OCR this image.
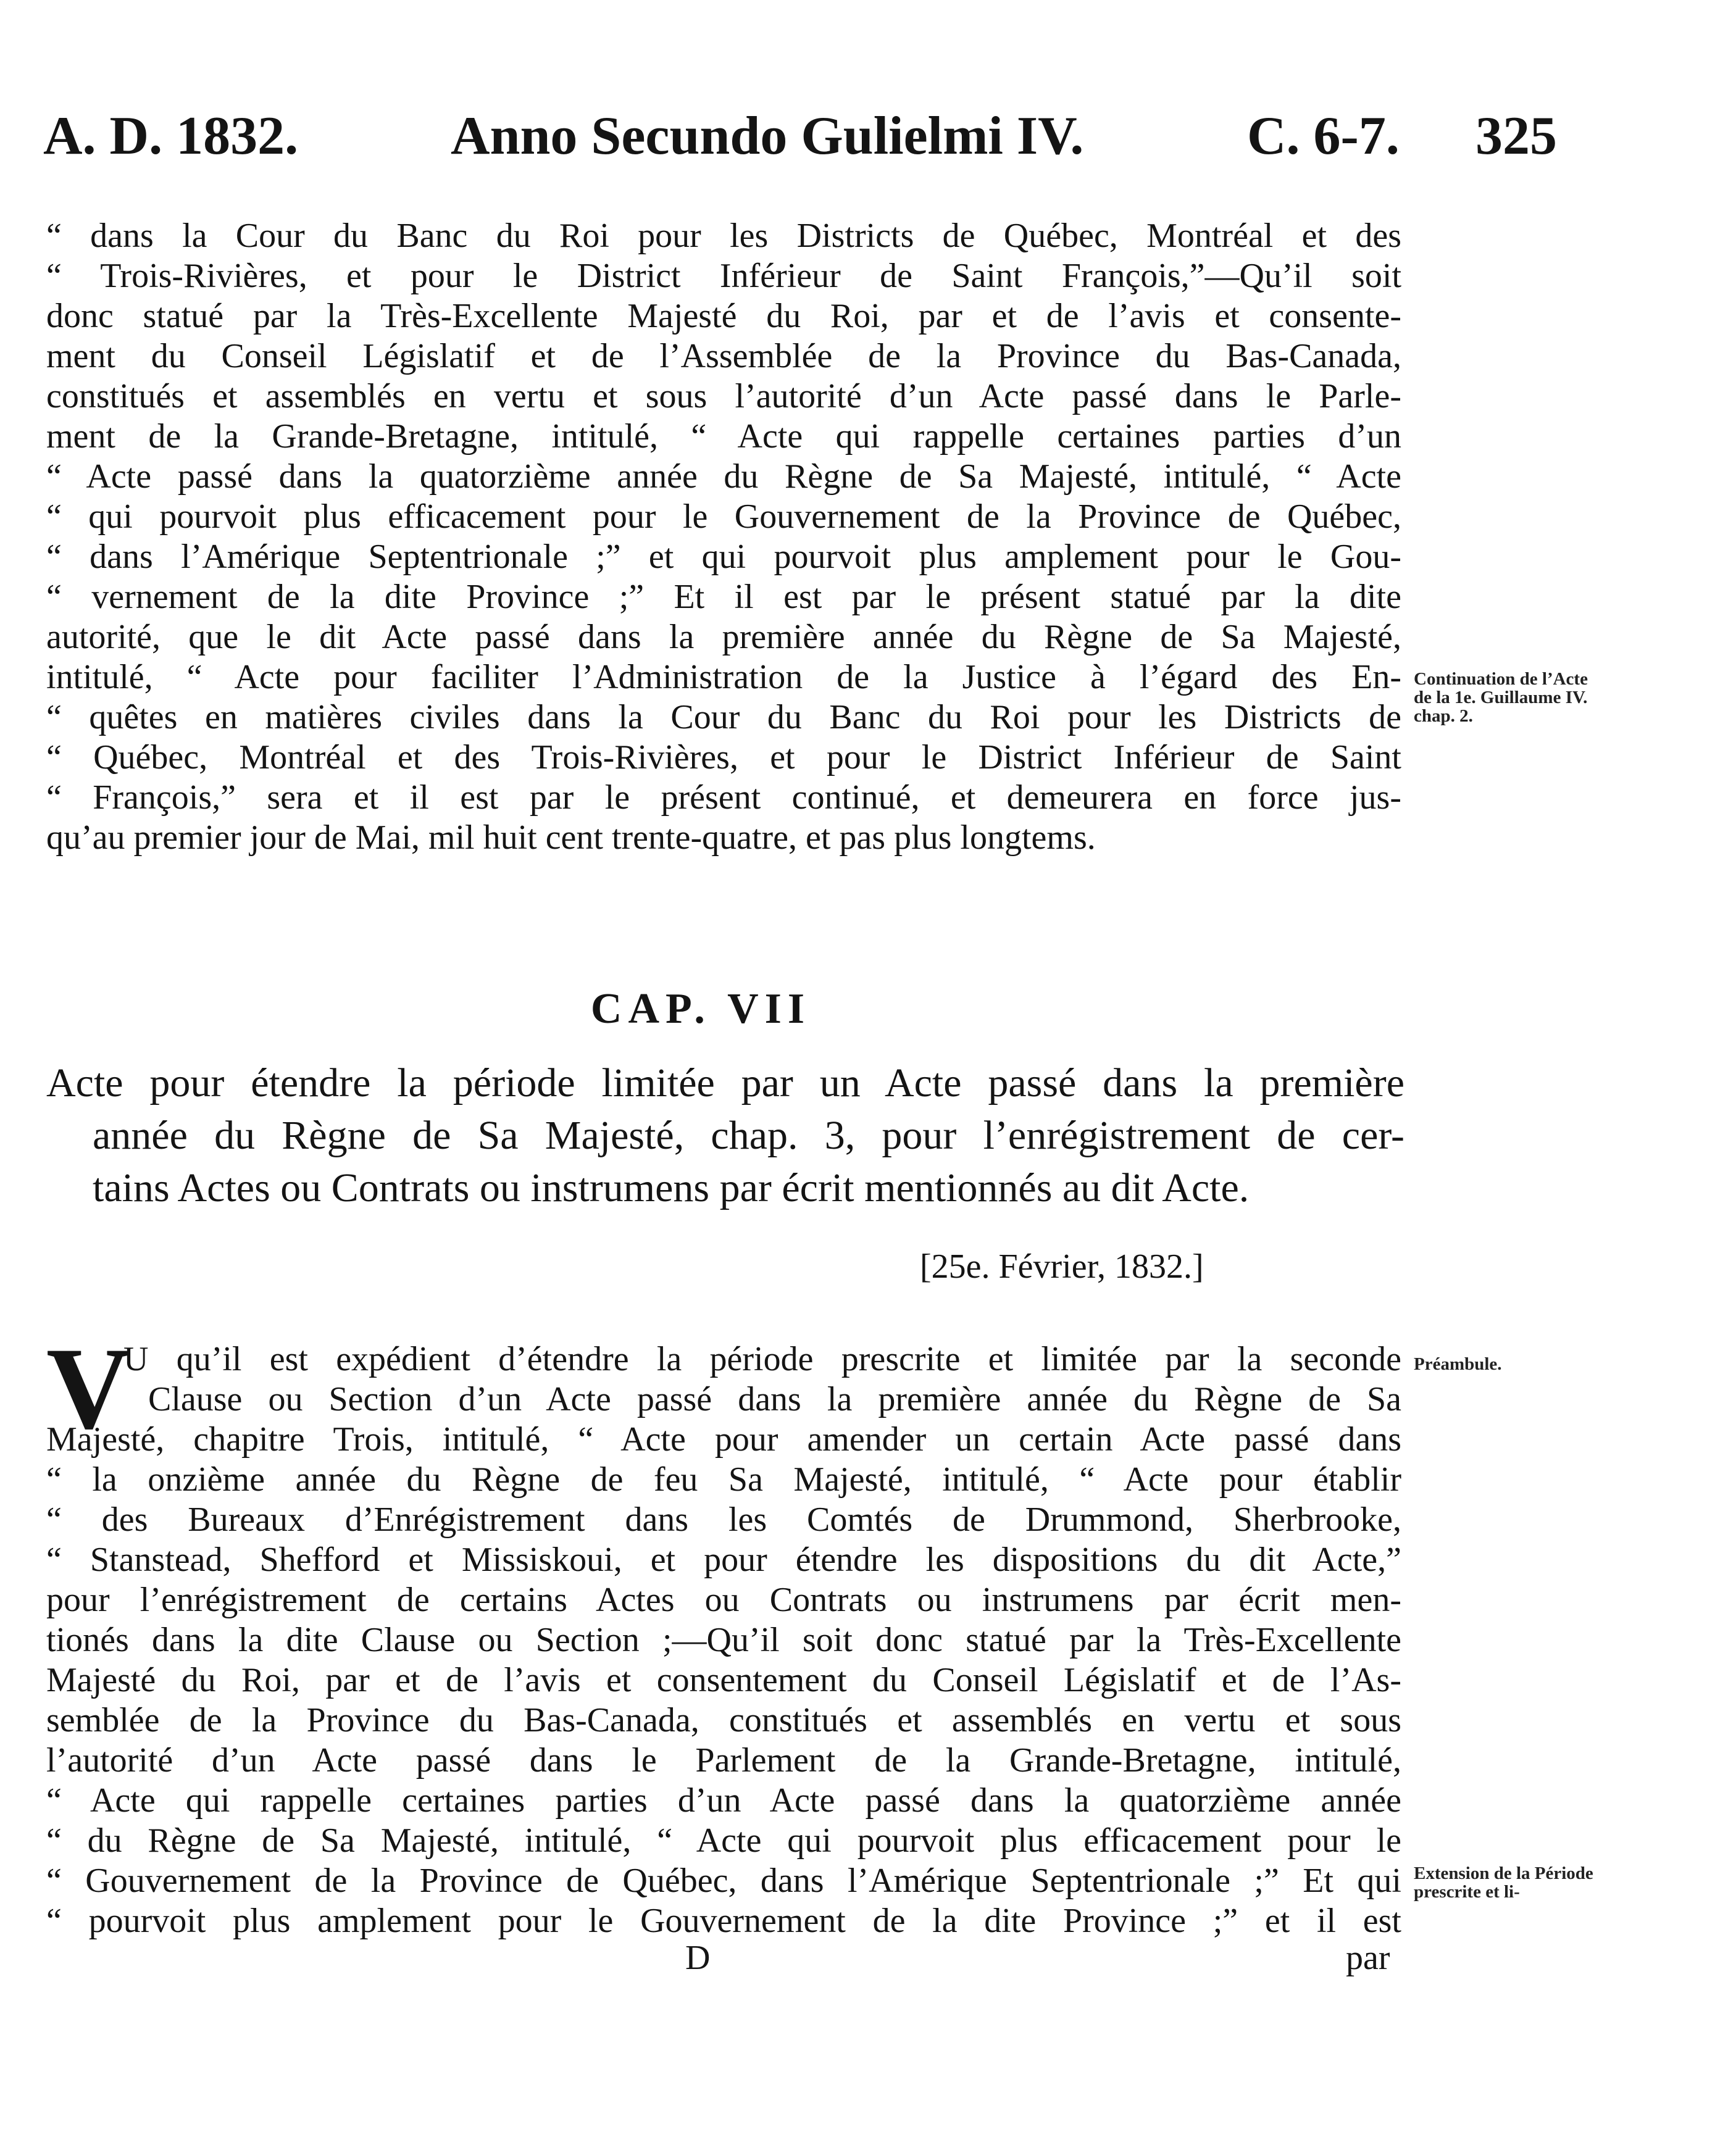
A. D. 1832.	Anno Secundo Gulielmi IV.	C. 6-7. 325
“ dans la Cour du Banc du Roi pour les Districts de Québec, Montréal et des
“ Trois-Rivières, et pour le District Inférieur de Saint François,”—Qu’il soit
donc statué par la Très-Excellente Majesté du Roi, par et de l’avis et consente-
ment du Conseil Législatif et de l’Assemblée de la Province du Bas-Canada,
constitués et assemblés en vertu et sous l’autorité d’un Acte passé dans le Parle-
ment de la Grande-Bretagne, intitulé, “ Acte qui rappelle certaines parties d’un
“ Acte passé dans la quatorzième année du Règne de Sa Majesté, intitulé, “ Acte
“ qui pourvoit plus efficacement pour le Gouvernement de la Province de Québec,
“ dans l’Amérique Septentrionale ;” et qui pourvoit plus amplement pour le Gou-
“ vernement de la dite Province ;” Et il est par le présent statué par la dite
autorité, que le dit Acte passé dans la première année du Règne de Sa Majesté,
intitulé, “ Acte pour faciliter l’Administration de la Justice à l’égard des En-
“ quêtes en matières civiles dans la Cour du Banc du Roi pour les Districts de
“ Québec, Montréal et des Trois-Rivières, et pour le District Inférieur de Saint
“ François,” sera et il est par le présent continué, et demeurera en force jus-
qu’au premier jour de Mai, mil huit cent trente-quatre, et pas plus longtems.
Continuation de l’Acte de la 1e. Guillaume IV. chap. 2.
CAP. VII
Acte pour étendre la période limitée par un Acte passé dans la première
année du Règne de Sa Majesté, chap. 3, pour l’enrégistrement de cer-
tains Actes ou Contrats ou instrumens par écrit mentionnés au dit Acte.
[25e. Février, 1832.]
V
U qu’il est expédient d’étendre la période prescrite et limitée par la seconde
Clause ou Section d’un Acte passé dans la première année du Règne de Sa
Majesté, chapitre Trois, intitulé, “ Acte pour amender un certain Acte passé dans
“ la onzième année du Règne de feu Sa Majesté, intitulé, “ Acte pour établir
“ des Bureaux d’Enrégistrement dans les Comtés de Drummond, Sherbrooke,
“ Stanstead, Shefford et Missiskoui, et pour étendre les dispositions du dit Acte,”
pour l’enrégistrement de certains Actes ou Contrats ou instrumens par écrit men-
tionés dans la dite Clause ou Section ;—Qu’il soit donc statué par la Très-Excellente
Majesté du Roi, par et de l’avis et consentement du Conseil Législatif et de l’As-
semblée de la Province du Bas-Canada, constitués et assemblés en vertu et sous
l’autorité d’un Acte passé dans le Parlement de la Grande-Bretagne, intitulé,
“ Acte qui rappelle certaines parties d’un Acte passé dans la quatorzième année
“ du Règne de Sa Majesté, intitulé, “ Acte qui pourvoit plus efficacement pour le
“ Gouvernement de la Province de Québec, dans l’Amérique Septentrionale ;” Et qui
“ pourvoit plus amplement pour le Gouvernement de la dite Province ;” et il est
Préambule.
Extension de la Période prescrite et li-
D	par
